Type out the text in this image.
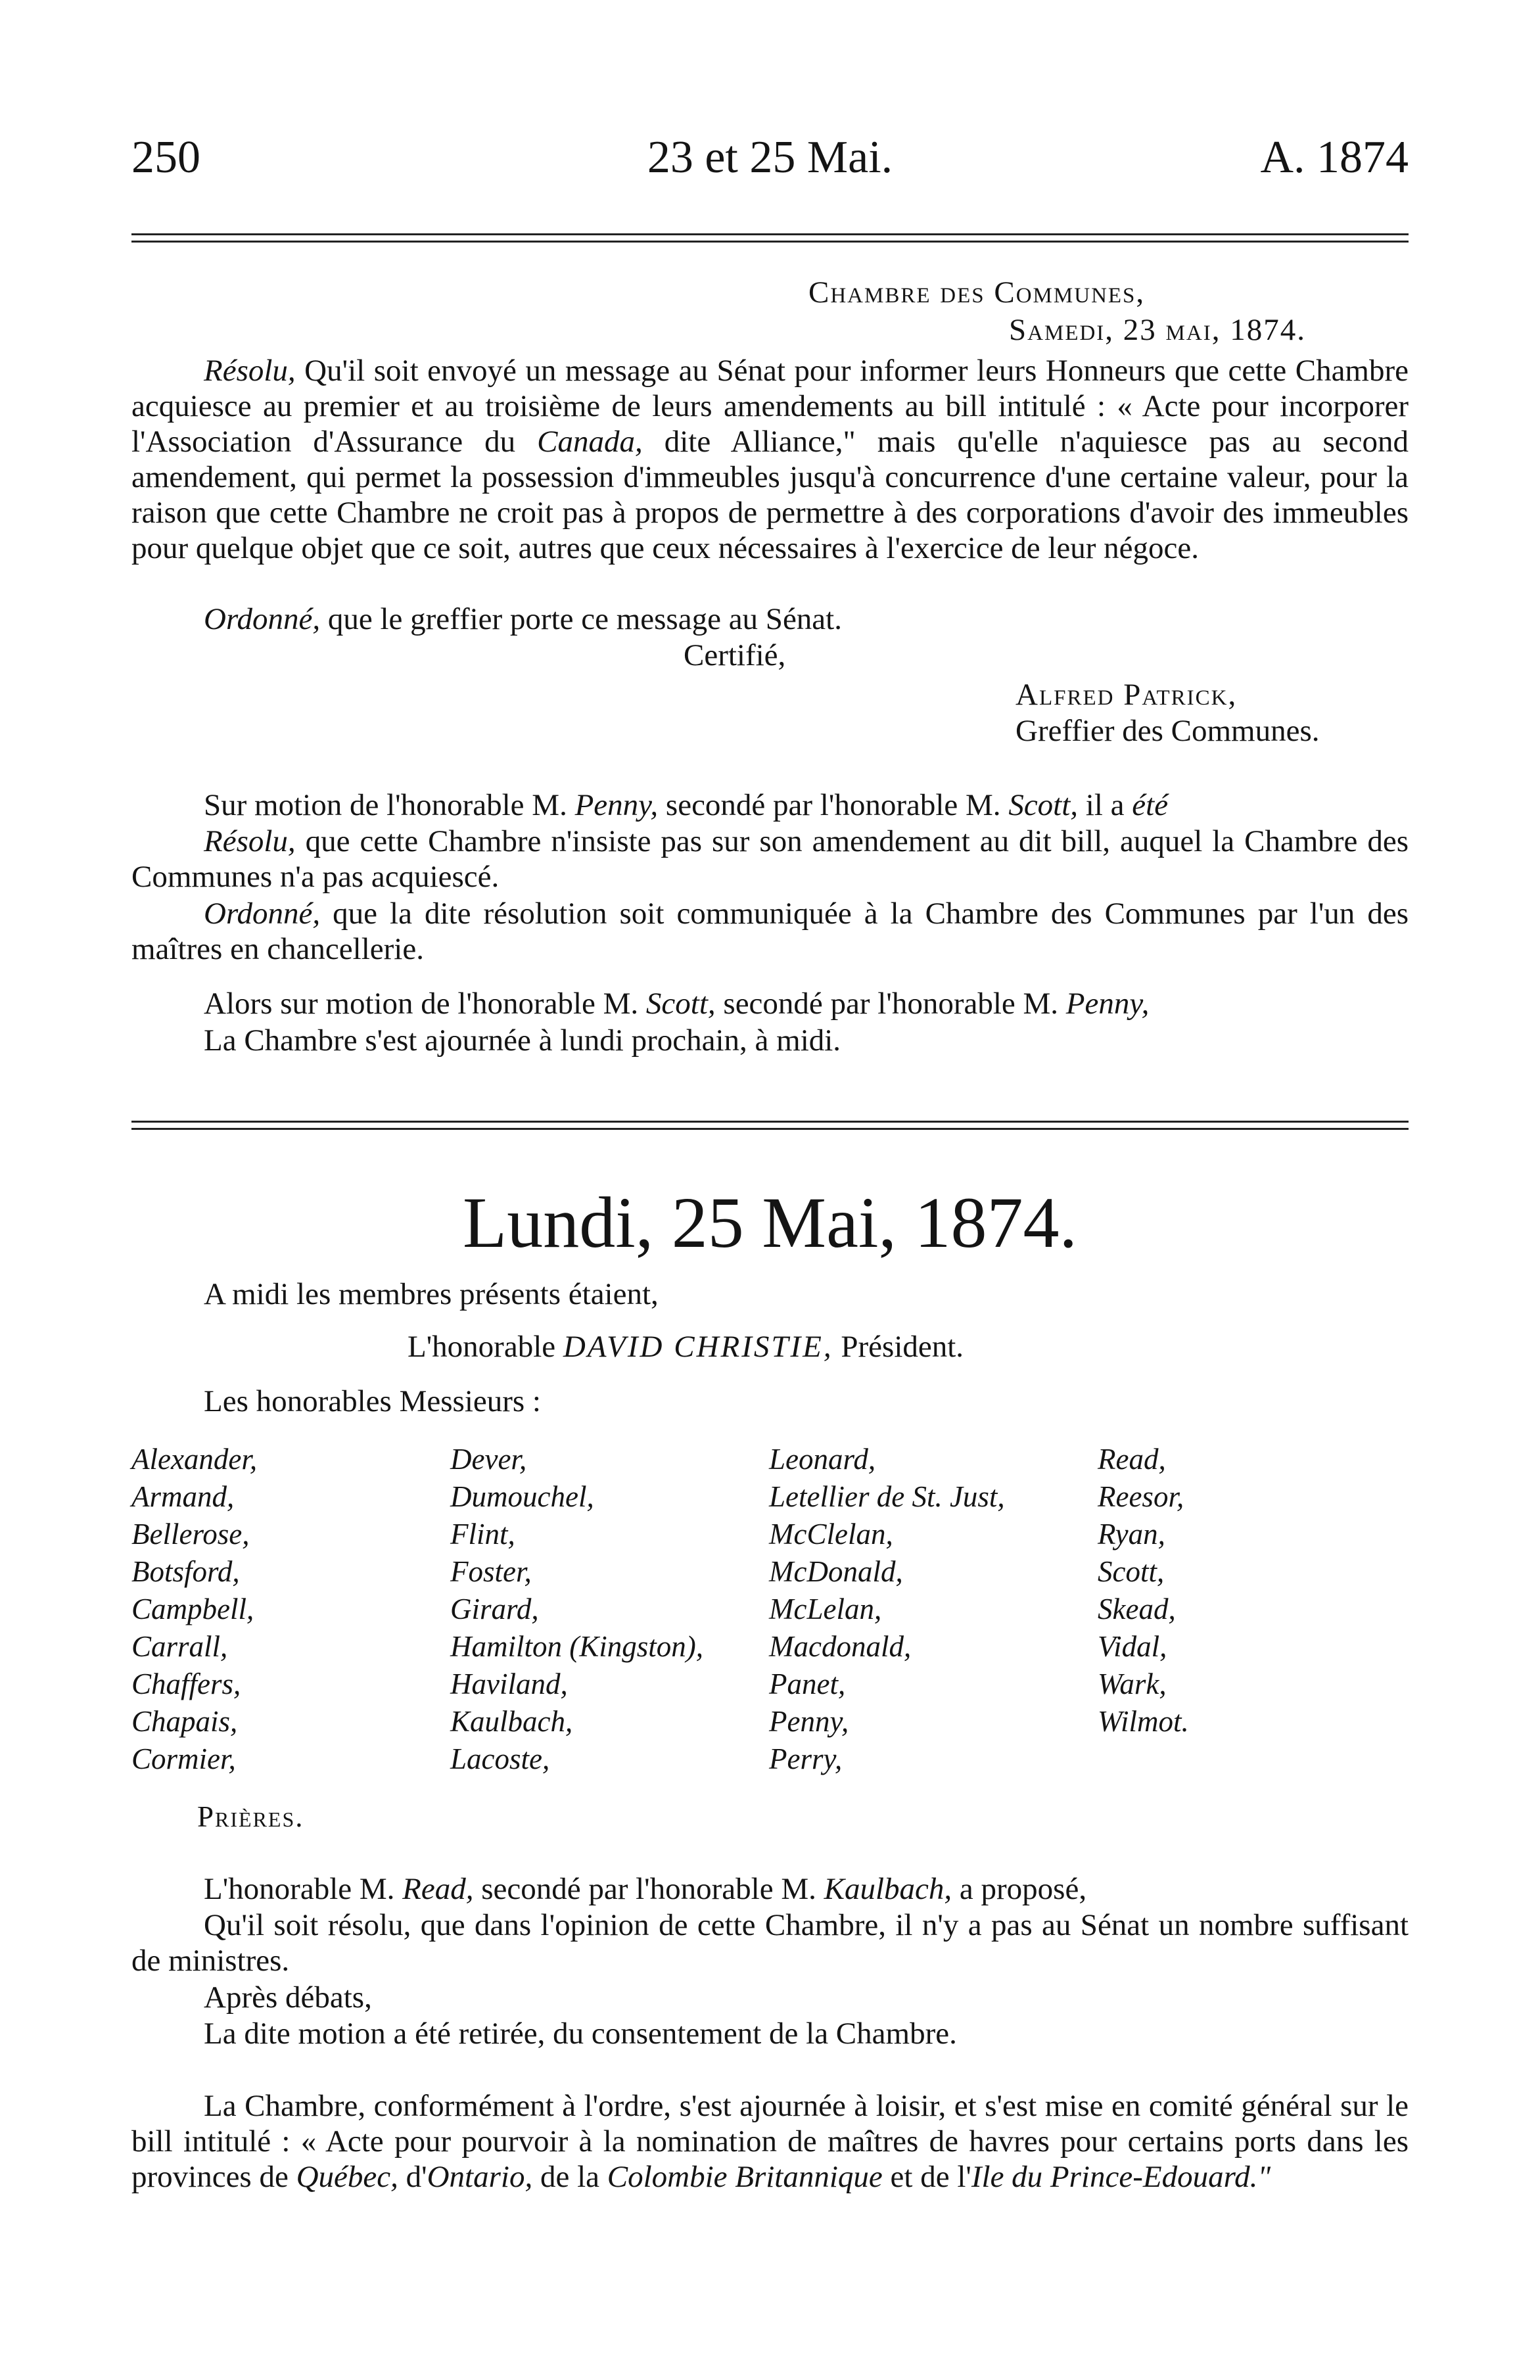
250	23 et 25 Mai.	A. 1874
Chambre des Communes,
Samedi, 23 mai, 1874.
Résolu, Qu'il soit envoyé un message au Sénat pour informer leurs Honneurs que cette Chambre acquiesce au premier et au troisième de leurs amendements au bill intitulé : « Acte pour incorporer l'Association d'Assurance du Canada, dite Alliance," mais qu'elle n'aquiesce pas au second amendement, qui permet la possession d'immeubles jusqu'à concurrence d'une certaine valeur, pour la raison que cette Chambre ne croit pas à propos de permettre à des corporations d'avoir des immeubles pour quelque objet que ce soit, autres que ceux nécessaires à l'exercice de leur négoce.
Ordonné, que le greffier porte ce message au Sénat.
Certifié,
Alfred Patrick,
Greffier des Communes.
Sur motion de l'honorable M. Penny, secondé par l'honorable M. Scott, il a été
Résolu, que cette Chambre n'insiste pas sur son amendement au dit bill, auquel la Chambre des Communes n'a pas acquiescé.
Ordonné, que la dite résolution soit communiquée à la Chambre des Communes par l'un des maîtres en chancellerie.
Alors sur motion de l'honorable M. Scott, secondé par l'honorable M. Penny,
La Chambre s'est ajournée à lundi prochain, à midi.
Lundi, 25 Mai, 1874.
A midi les membres présents étaient,
L'honorable DAVID CHRISTIE, Président.
Les honorables Messieurs :
Alexander,
Armand,
Bellerose,
Botsford,
Campbell,
Carrall,
Chaffers,
Chapais,
Cormier,
Dever,
Dumouchel,
Flint,
Foster,
Girard,
Hamilton (Kingston),
Haviland,
Kaulbach,
Lacoste,
Leonard,
Letellier de St. Just,
McClelan,
McDonald,
McLelan,
Macdonald,
Panet,
Penny,
Perry,
Read,
Reesor,
Ryan,
Scott,
Skead,
Vidal,
Wark,
Wilmot.
Prières.
L'honorable M. Read, secondé par l'honorable M. Kaulbach, a proposé,
Qu'il soit résolu, que dans l'opinion de cette Chambre, il n'y a pas au Sénat un nombre suffisant de ministres.
Après débats,
La dite motion a été retirée, du consentement de la Chambre.
La Chambre, conformément à l'ordre, s'est ajournée à loisir, et s'est mise en comité général sur le bill intitulé : « Acte pour pourvoir à la nomination de maîtres de havres pour certains ports dans les provinces de Québec, d'Ontario, de la Colombie Britannique et de l'Ile du Prince-Edouard."
